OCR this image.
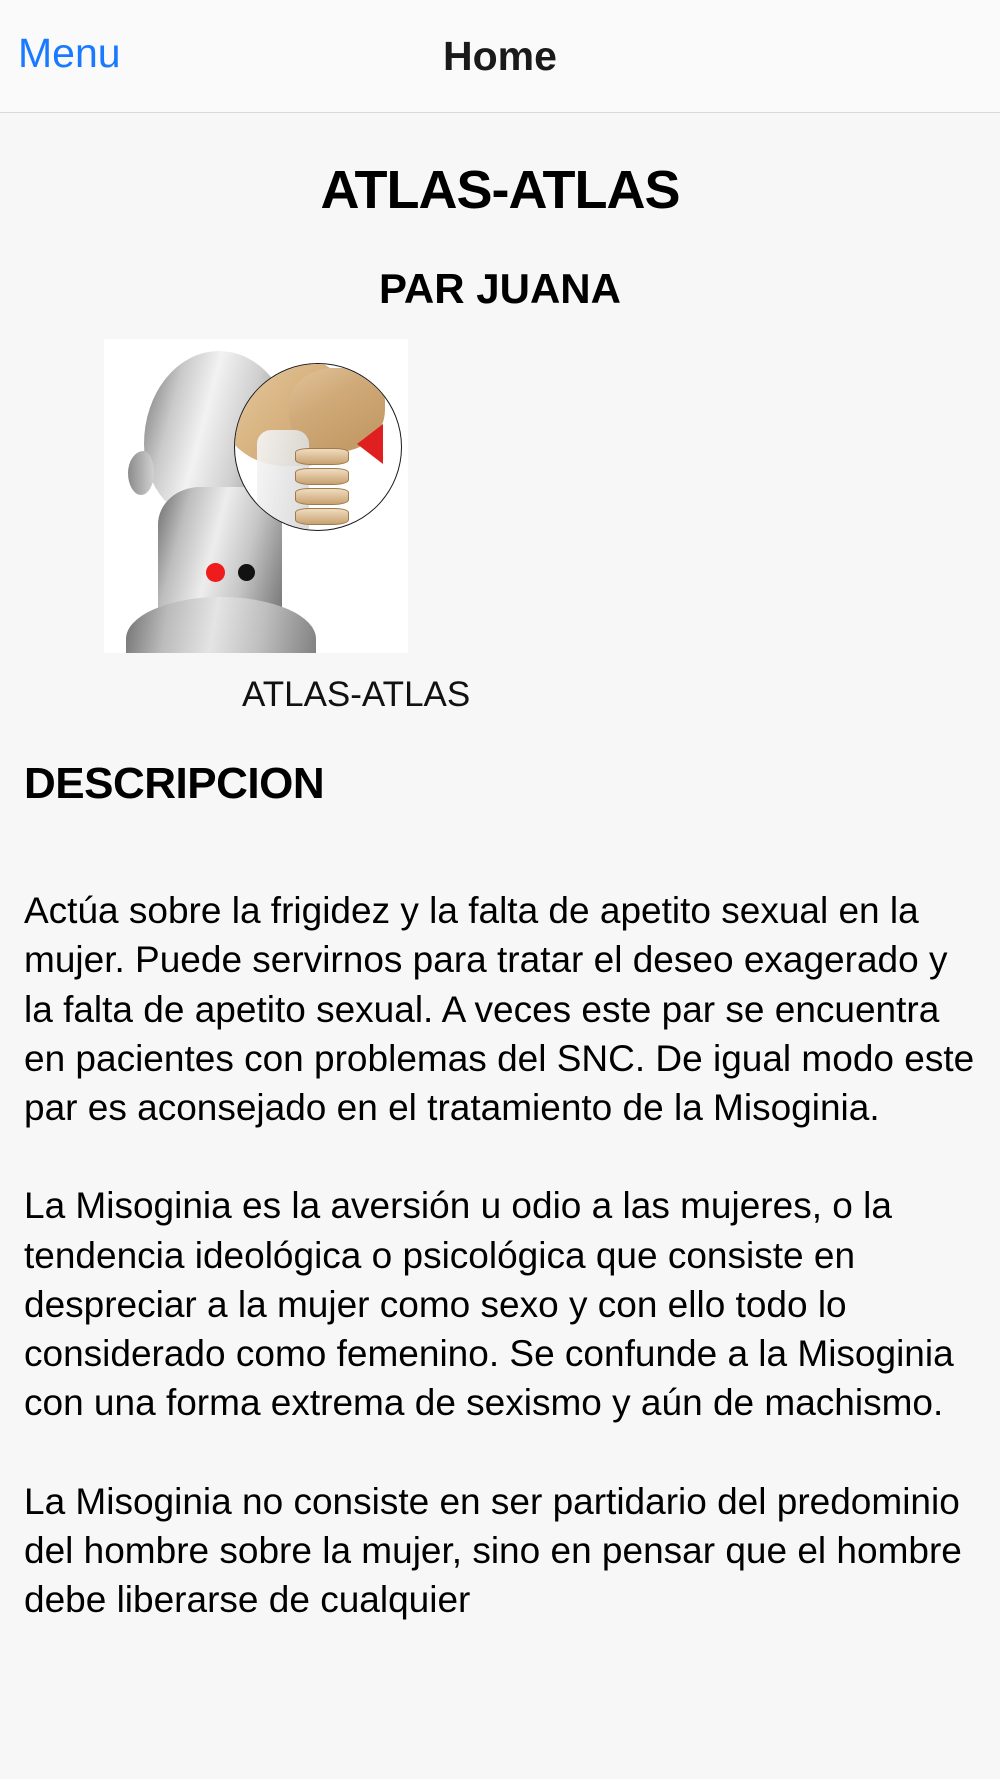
Menu	Home
ATLAS-ATLAS
PAR JUANA
ATLAS-ATLAS
DESCRIPCION

Actúa sobre la frigidez y la falta de apetito sexual en la mujer. Puede servirnos para tratar el deseo exagerado y la falta de apetito sexual. A veces este par se encuentra en pacientes con problemas del SNC. De igual modo este par es aconsejado en el tratamiento de la Misoginia.

La Misoginia es la aversión u odio a las mujeres, o la tendencia ideológica o psicológica que consiste en despreciar a la mujer como sexo y con ello todo lo considerado como femenino. Se confunde a la Misoginia con una forma extrema de sexismo y aún de machismo.

La Misoginia no consiste en ser partidario del predominio del hombre sobre la mujer, sino en pensar que el hombre debe liberarse de cualquier
